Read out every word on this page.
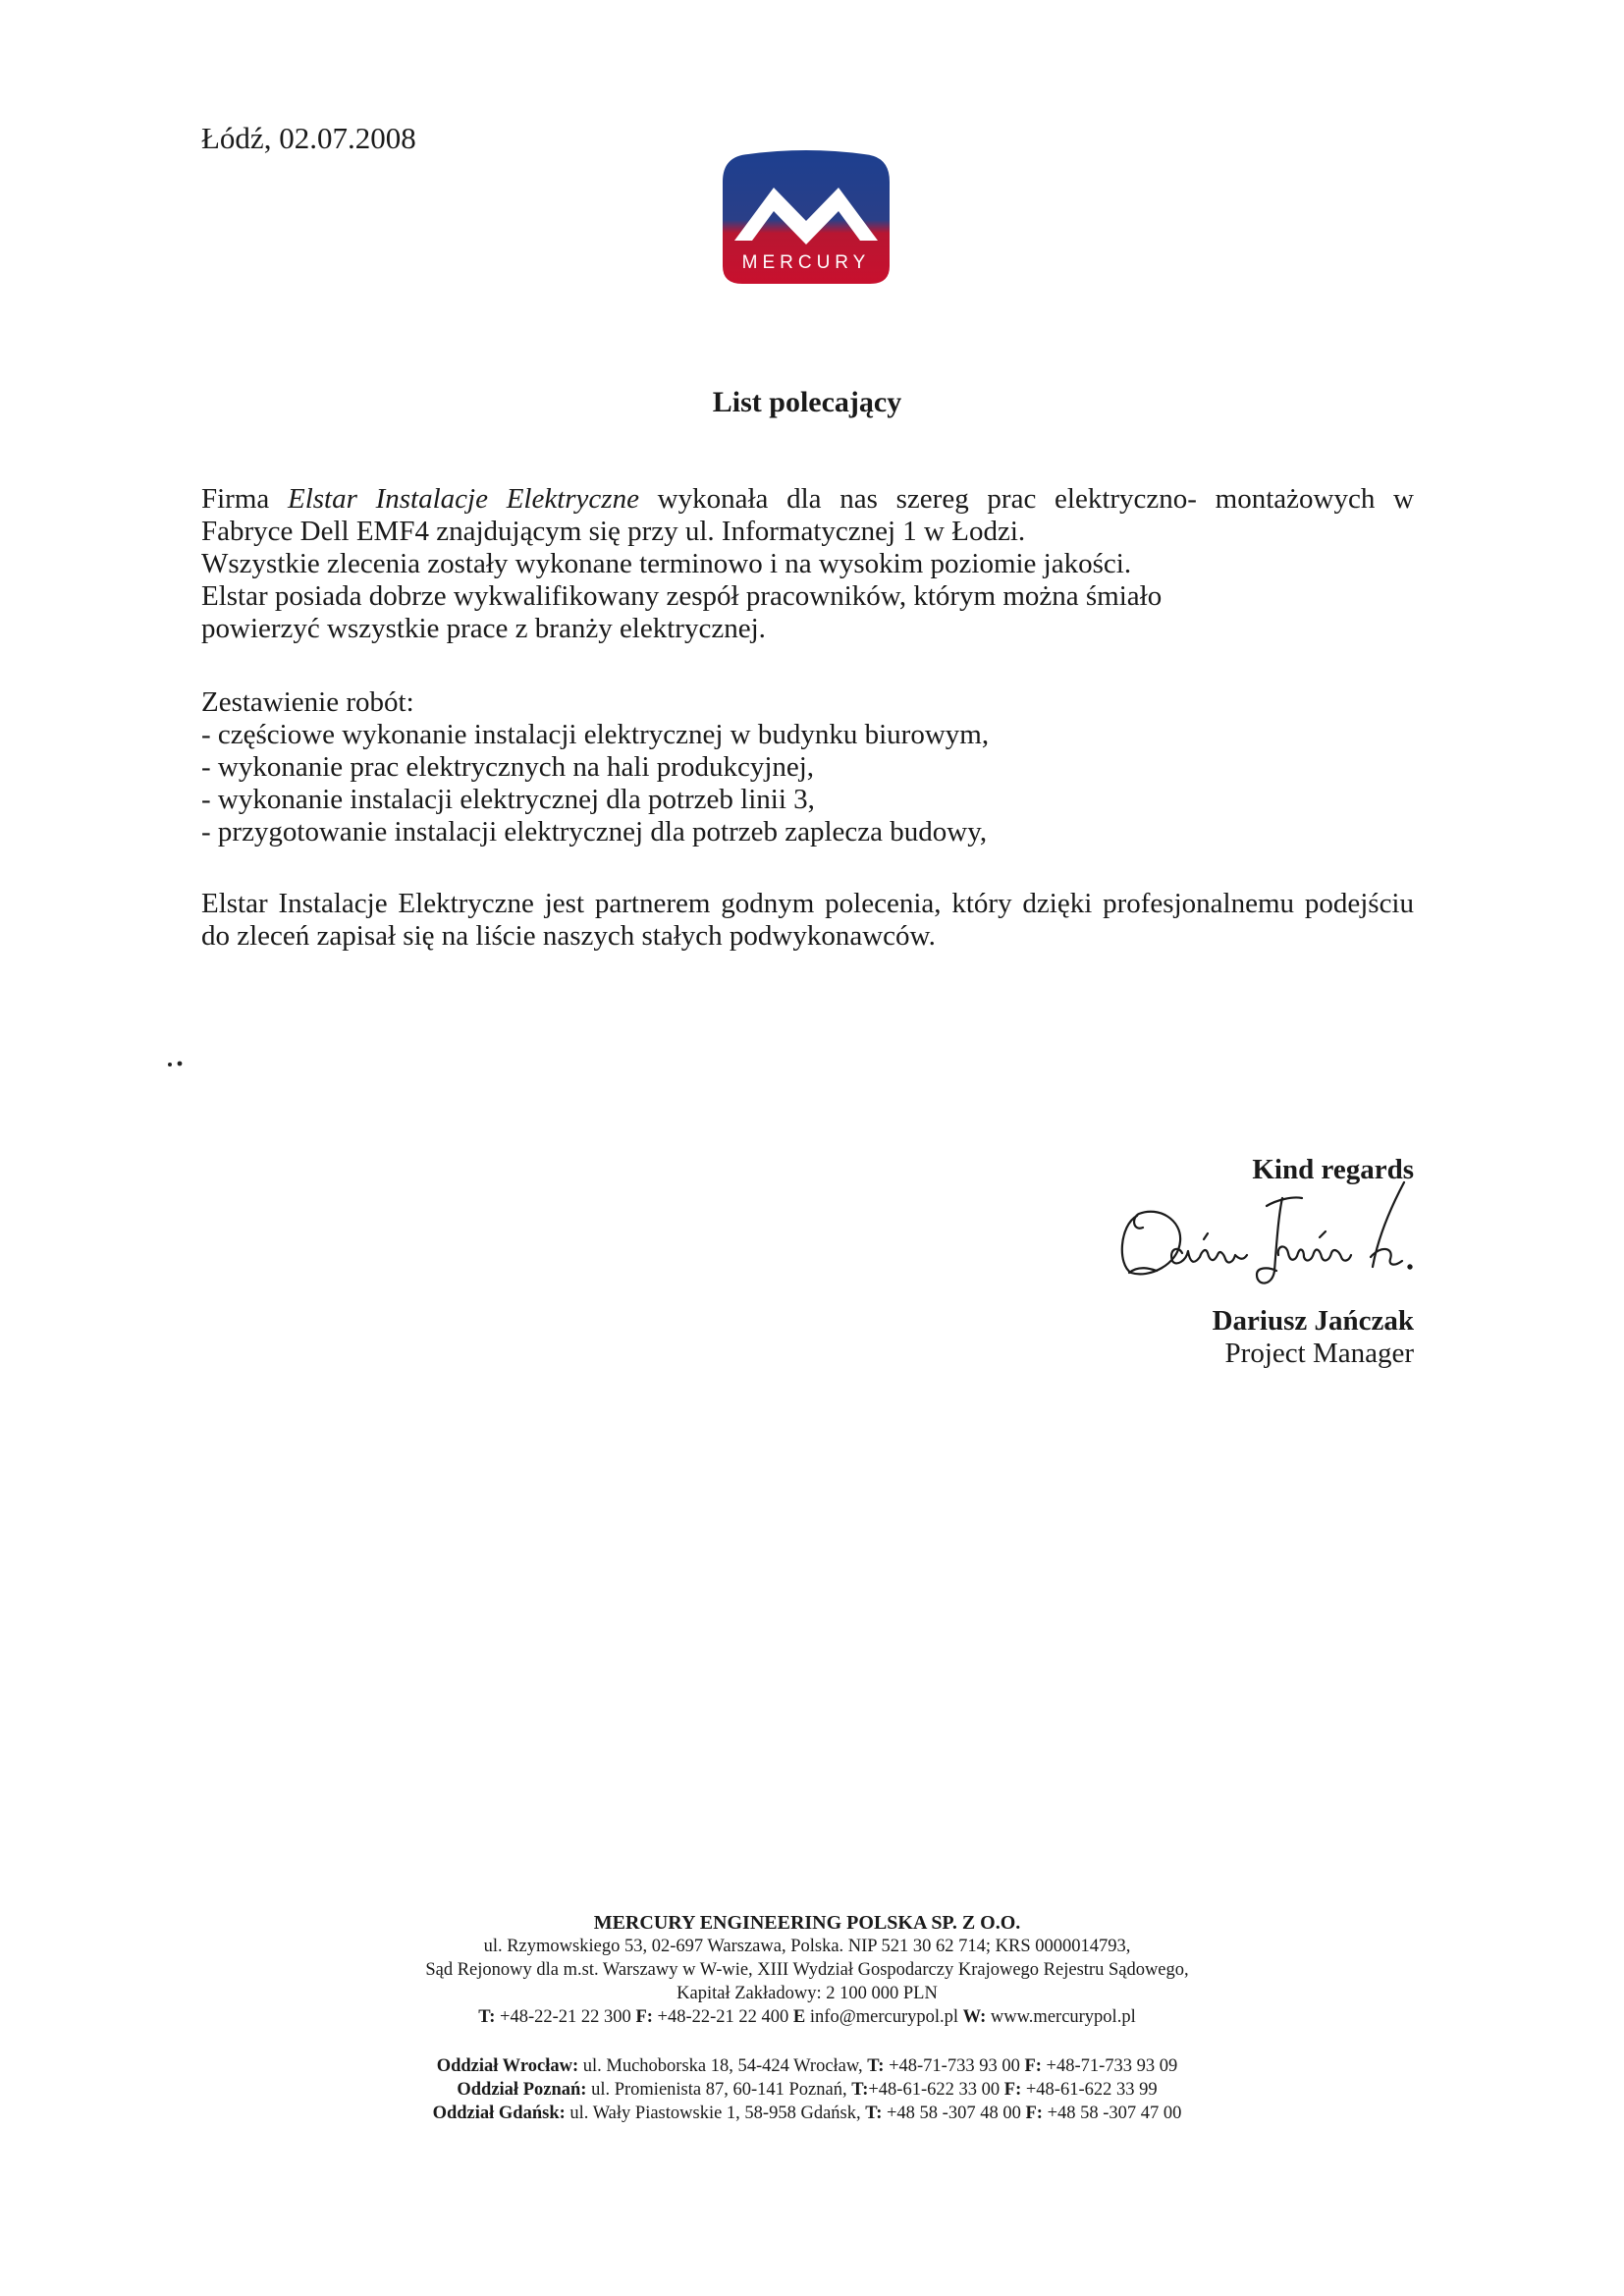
Łódź, 02.07.2008
MERCURY
List polecający
Firma Elstar Instalacje Elektryczne wykonała dla nas szereg prac elektryczno- montażowych w
Fabryce Dell EMF4 znajdującym się przy ul. Informatycznej 1 w Łodzi.
Wszystkie zlecenia zostały wykonane terminowo i na wysokim poziomie jakości.
Elstar posiada dobrze wykwalifikowany zespół pracowników, którym można śmiało
powierzyć wszystkie prace z branży elektrycznej.
Zestawienie robót:
- częściowe wykonanie instalacji elektrycznej w budynku biurowym,
- wykonanie prac elektrycznych na hali produkcyjnej,
- wykonanie instalacji elektrycznej dla potrzeb linii 3,
- przygotowanie instalacji elektrycznej dla potrzeb zaplecza budowy,
Elstar Instalacje Elektryczne jest partnerem godnym polecenia, który dzięki profesjonalnemu podejściu do zleceń zapisał się na liście naszych stałych podwykonawców.
Kind regards
Dariusz Jańczak
Project Manager
MERCURY ENGINEERING POLSKA SP. Z O.O.
ul. Rzymowskiego 53, 02-697 Warszawa, Polska. NIP 521 30 62 714; KRS 0000014793,
Sąd Rejonowy dla m.st. Warszawy w W-wie, XIII Wydział Gospodarczy Krajowego Rejestru Sądowego,
Kapitał Zakładowy: 2 100 000 PLN
T: +48-22-21 22 300 F: +48-22-21 22 400 E info@mercurypol.pl W: www.mercurypol.pl
Oddział Wrocław: ul. Muchoborska 18, 54-424 Wrocław, T: +48-71-733 93 00 F: +48-71-733 93 09
Oddział Poznań: ul. Promienista 87, 60-141 Poznań, T:+48-61-622 33 00 F: +48-61-622 33 99
Oddział Gdańsk: ul. Wały Piastowskie 1, 58-958 Gdańsk, T: +48 58 -307 48 00 F: +48 58 -307 47 00
